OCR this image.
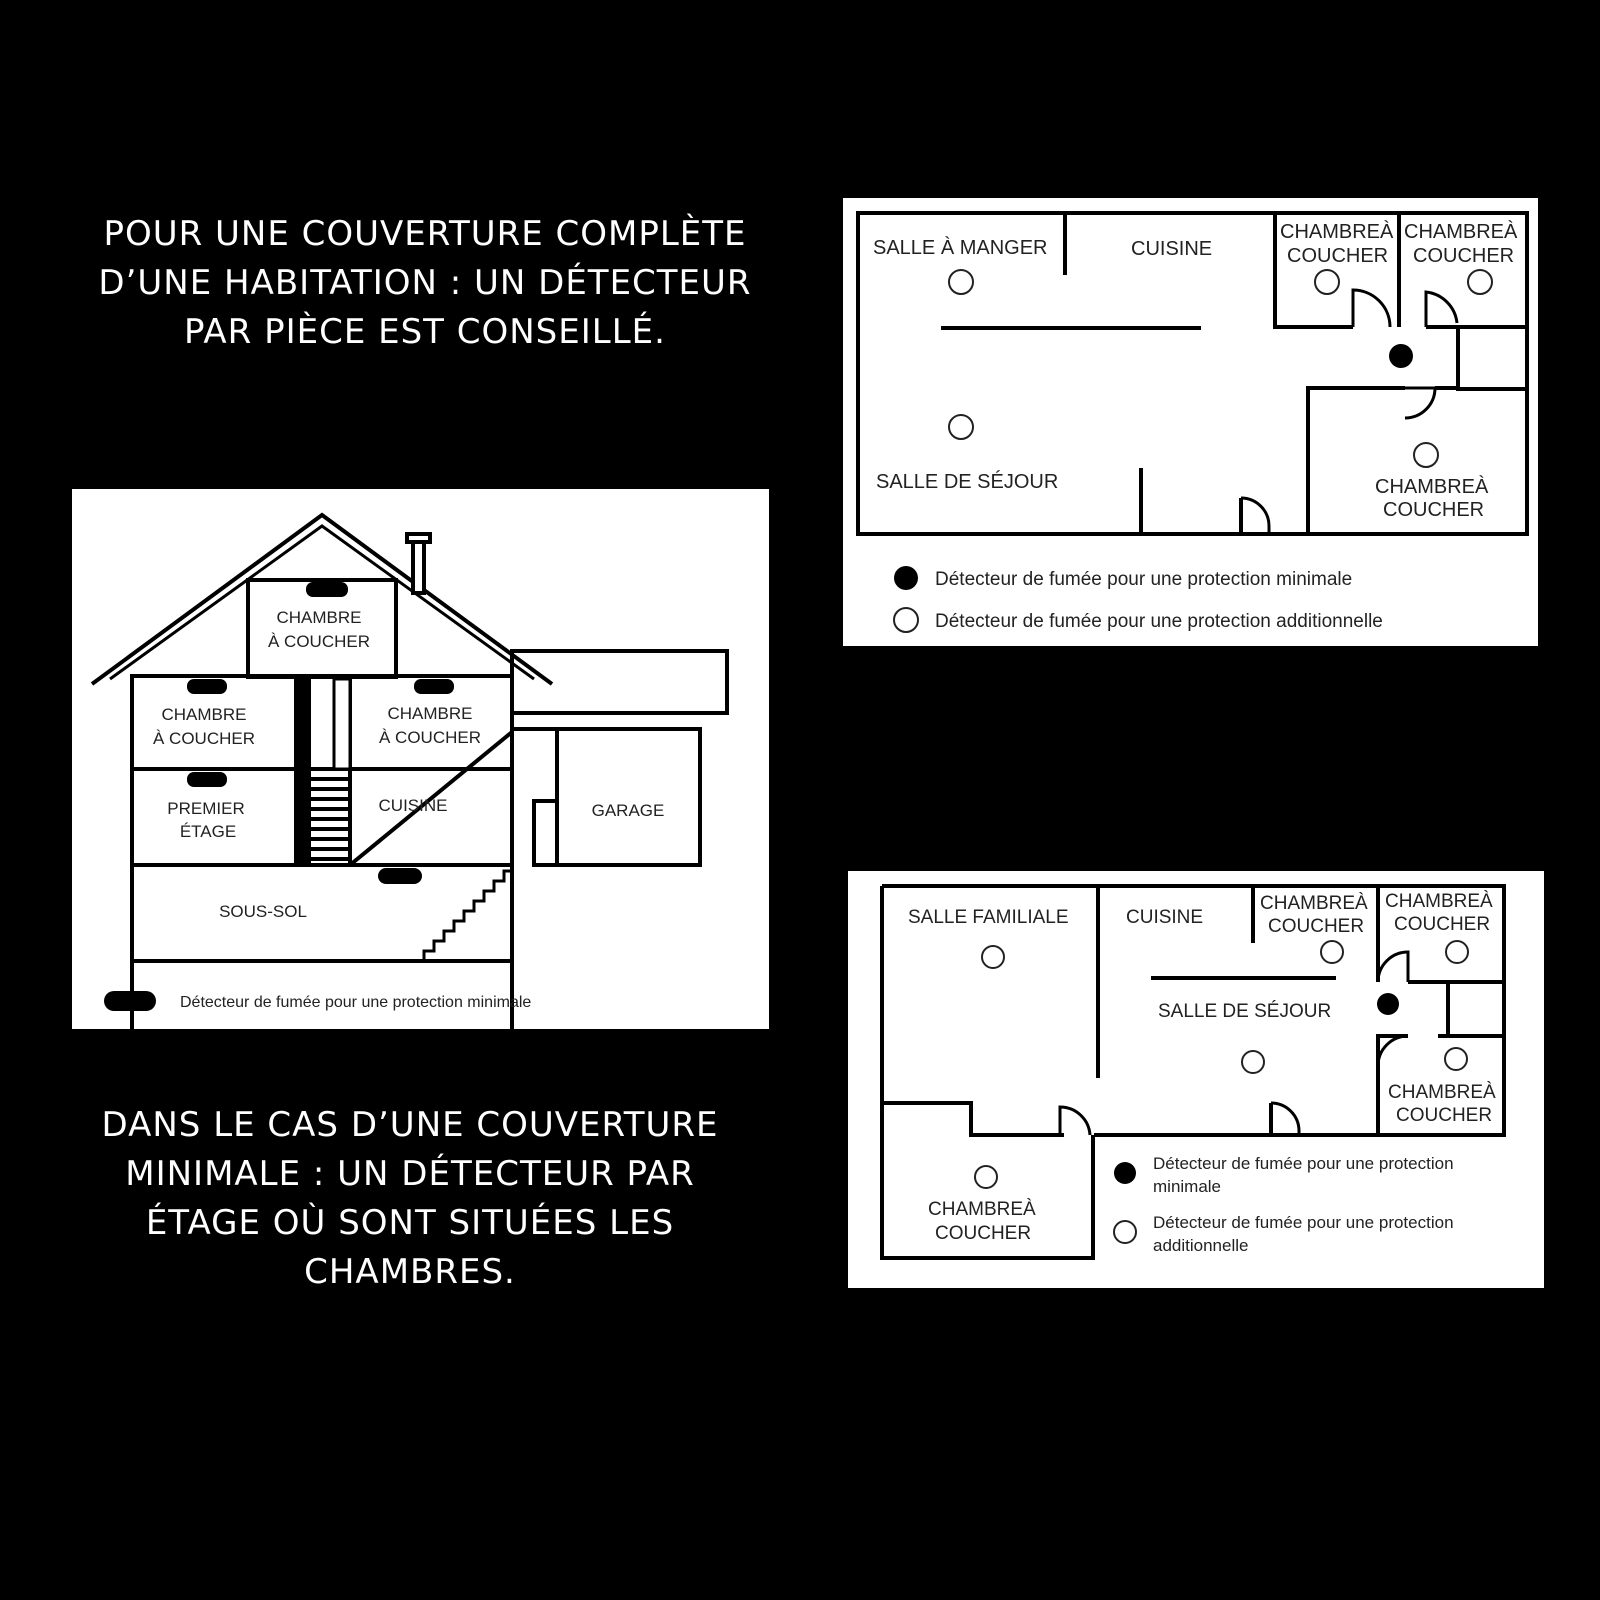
POUR UNE COUVERTURE COMPLÈTE
D’UNE HABITATION : UN DÉTECTEUR
PAR PIÈCE EST CONSEILLÉ.
DANS LE CAS D’UNE COUVERTURE
MINIMALE : UN DÉTECTEUR PAR
ÉTAGE OÙ SONT SITUÉES LES
CHAMBRES.
CHAMBRE
À COUCHER
CHAMBRE
À COUCHER
CHAMBRE
À COUCHER
PREMIER
ÉTAGE
CUISINE	GARAGE
SOUS-SOL
Détecteur de fumée pour une protection minimale
SALLE À MANGER	CUISINE
CHAMBREÀ
COUCHER
CHAMBREÀ
COUCHER
SALLE DE SÉJOUR	CHAMBREÀ
COUCHER
Détecteur de fumée pour une protection minimale
Détecteur de fumée pour une protection additionnelle
SALLE FAMILIALE	CUISINE
CHAMBREÀ
COUCHER
CHAMBREÀ
COUCHER
SALLE DE SÉJOUR
CHAMBREÀ
COUCHER
CHAMBREÀ
COUCHER
Détecteur de fumée pour une protection
minimale
Détecteur de fumée pour une protection
additionnelle
